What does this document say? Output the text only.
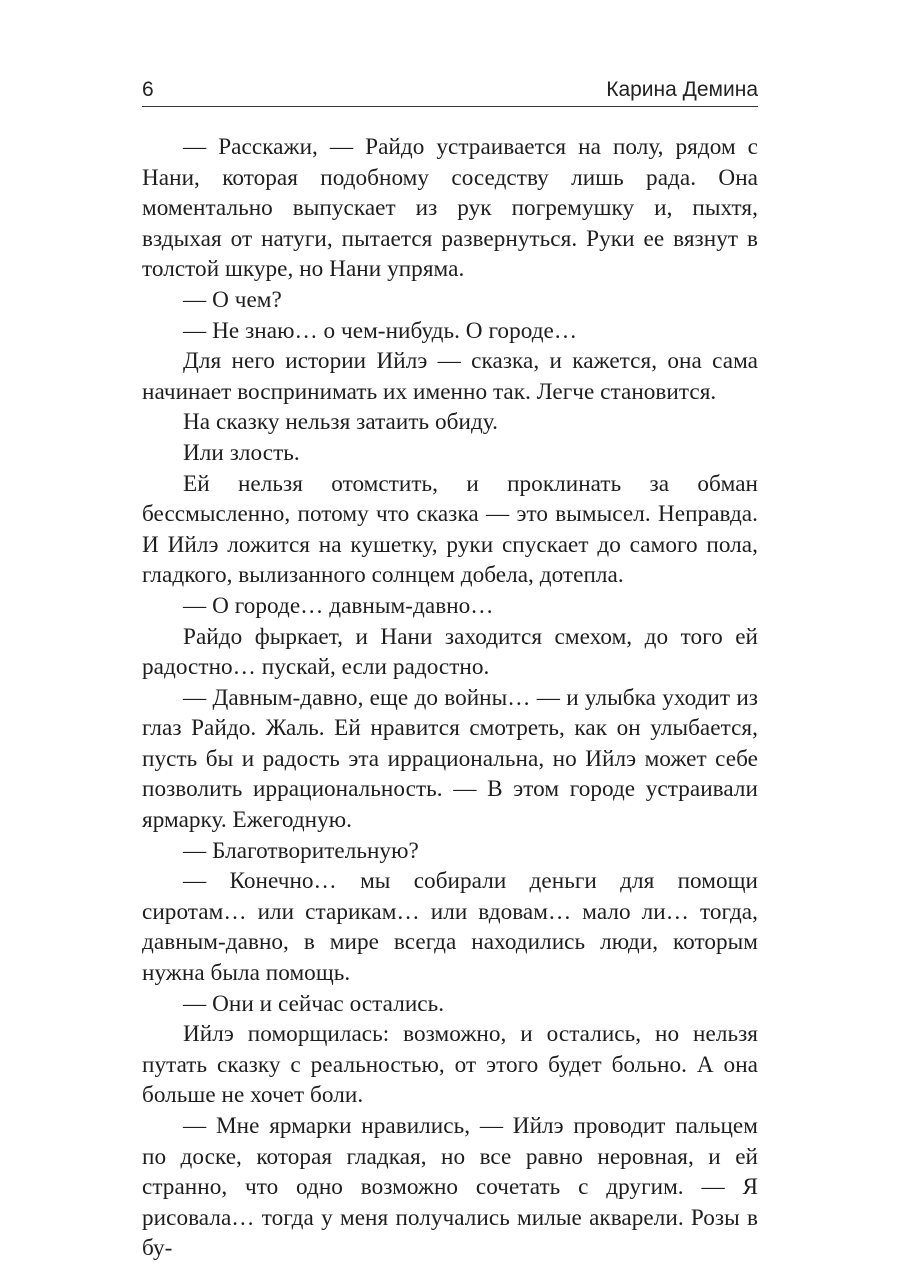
6	Карина Демина

— Расскажи, — Райдо устраивается на полу, рядом с Нани, которая подобному соседству лишь рада. Она моментально выпускает из рук погремушку и, пыхтя, вздыхая от натуги, пытается развернуться. Руки ее вязнут в толстой шкуре, но Нани упряма.

— О чем?

— Не знаю… о чем-нибудь. О городе…

Для него истории Ийлэ — сказка, и кажется, она сама начинает воспринимать их именно так. Легче становится.

На сказку нельзя затаить обиду.

Или злость.

Ей нельзя отомстить, и проклинать за обман бессмысленно, потому что сказка — это вымысел. Неправда. И Ийлэ ложится на кушетку, руки спускает до самого пола, гладкого, вылизанного солнцем добела, дотепла.

— О городе… давным-давно…

Райдо фыркает, и Нани заходится смехом, до того ей радостно… пускай, если радостно.

— Давным-давно, еще до войны… — и улыбка уходит из глаз Райдо. Жаль. Ей нравится смотреть, как он улыбается, пусть бы и радость эта иррациональна, но Ийлэ может себе позволить иррациональность. — В этом городе устраивали ярмарку. Ежегодную.

— Благотворительную?

— Конечно… мы собирали деньги для помощи сиротам… или старикам… или вдовам… мало ли… тогда, давным-давно, в мире всегда находились люди, которым нужна была помощь.

— Они и сейчас остались.

Ийлэ поморщилась: возможно, и остались, но нельзя путать сказку с реальностью, от этого будет больно. А она больше не хочет боли.

— Мне ярмарки нравились, — Ийлэ проводит пальцем по доске, которая гладкая, но все равно неровная, и ей странно, что одно возможно сочетать с другим. — Я рисовала… тогда у меня получались милые акварели. Розы в бу-
